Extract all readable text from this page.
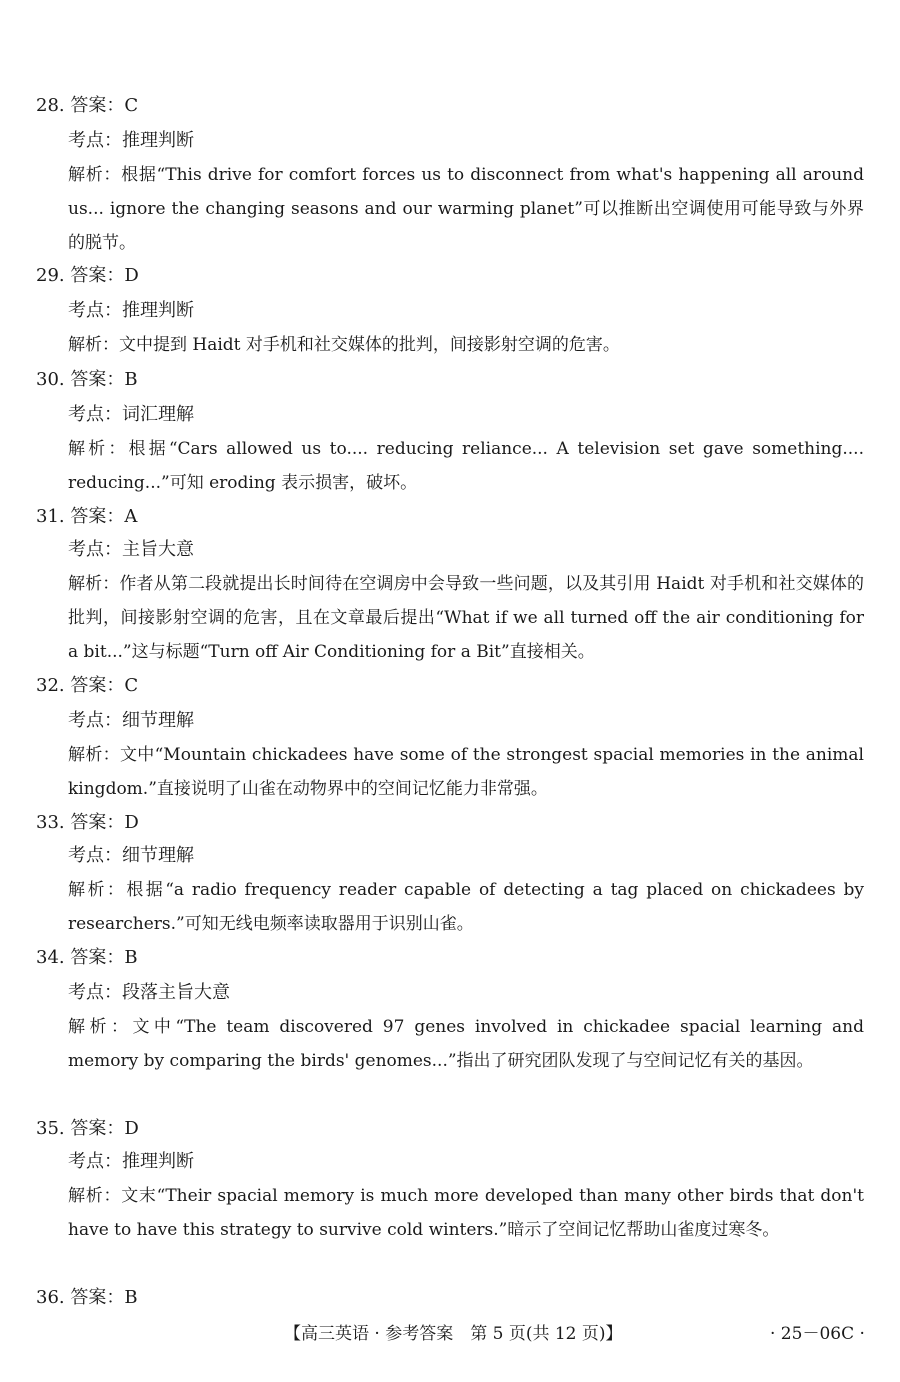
28. 答案：C
考点：推理判断
解析：根据“This drive for comfort forces us to disconnect from what's happening all around us... ignore the changing seasons and our warming planet”可以推断出空调使用可能导致与外界的脱节。
29. 答案：D
考点：推理判断
解析：文中提到 Haidt 对手机和社交媒体的批判，间接影射空调的危害。
30. 答案：B
考点：词汇理解
解析：根据“Cars allowed us to.... reducing reliance... A television set gave something.... reducing...”可知 eroding 表示损害，破坏。
31. 答案：A
考点：主旨大意
解析：作者从第二段就提出长时间待在空调房中会导致一些问题，以及其引用 Haidt 对手机和社交媒体的批判，间接影射空调的危害，且在文章最后提出“What if we all turned off the air conditioning for a bit...”这与标题“Turn off Air Conditioning for a Bit”直接相关。
32. 答案：C
考点：细节理解
解析：文中“Mountain chickadees have some of the strongest spacial memories in the animal kingdom.”直接说明了山雀在动物界中的空间记忆能力非常强。
33. 答案：D
考点：细节理解
解析：根据“a radio frequency reader capable of detecting a tag placed on chickadees by researchers.”可知无线电频率读取器用于识别山雀。
34. 答案：B
考点：段落主旨大意
解析：文中“The team discovered 97 genes involved in chickadee spacial learning and memory by comparing the birds' genomes...”指出了研究团队发现了与空间记忆有关的基因。
35. 答案：D
考点：推理判断
解析：文末“Their spacial memory is much more developed than many other birds that don't have to have this strategy to survive cold winters.”暗示了空间记忆帮助山雀度过寒冬。
36. 答案：B
【高三英语 · 参考答案　第 5 页(共 12 页)】	· 25－06C ·
